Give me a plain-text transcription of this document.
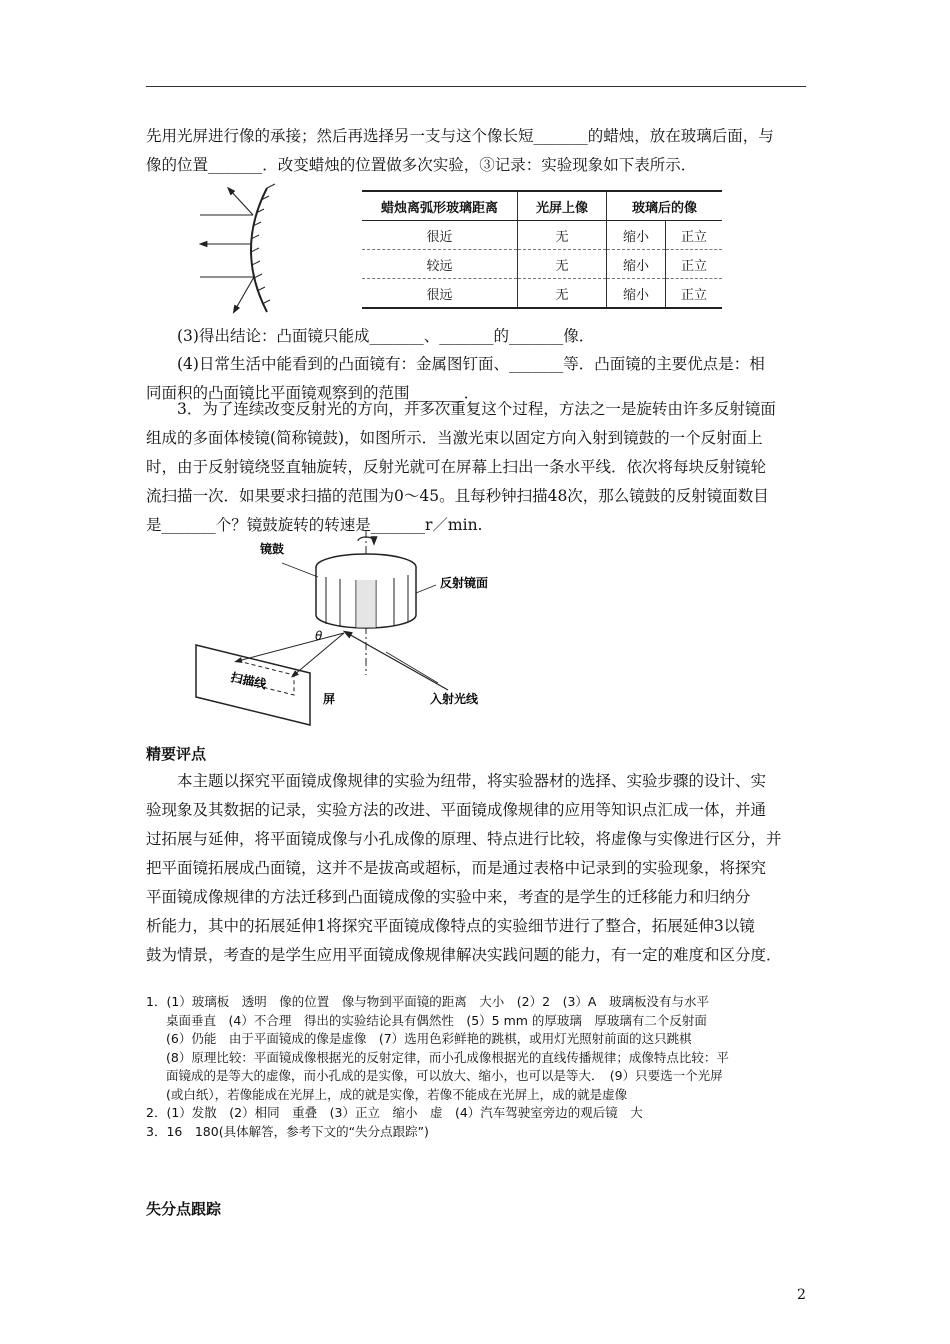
先用光屏进行像的承接；然后再选择另一支与这个像长短_______的蜡烛，放在玻璃后面，与
像的位置_______．改变蜡烛的位置做多次实验，③记录：实验现象如下表所示．
蜡烛离弧形玻璃距离	光屏上像	玻璃后的像	
很近	无	缩小	正立
较远	无	缩小	正立
很远	无	缩小	正立
(3)得出结论：凸面镜只能成_______、_______的_______像．
(4)日常生活中能看到的凸面镜有：金属图钉面、_______等．凸面镜的主要优点是：相
同面积的凸面镜比平面镜观察到的范围_______．
3．为了连续改变反射光的方向，并多次重复这个过程，方法之一是旋转由许多反射镜面
组成的多面体棱镜(简称镜鼓)，如图所示．当激光束以固定方向入射到镜鼓的一个反射面上
时，由于反射镜绕竖直轴旋转，反射光就可在屏幕上扫出一条水平线．依次将每块反射镜轮
流扫描一次．如果要求扫描的范围为0～45。且每秒钟扫描48次，那么镜鼓的反射镜面数目
是_______个？镜鼓旋转的转速是_______r／min.
镜鼓
反射镜面
θ
扫描线
屏	入射光线
精要评点
本主题以探究平面镜成像规律的实验为纽带，将实验器材的选择、实验步骤的设计、实
验现象及其数据的记录，实验方法的改进、平面镜成像规律的应用等知识点汇成一体，并通
过拓展与延伸，将平面镜成像与小孔成像的原理、特点进行比较，将虚像与实像进行区分，并
把平面镜拓展成凸面镜，这并不是拔高或超标，而是通过表格中记录到的实验现象，将探究
平面镜成像规律的方法迁移到凸面镜成像的实验中来，考查的是学生的迁移能力和归纳分
析能力，其中的拓展延伸1将探究平面镜成像特点的实验细节进行了整合，拓展延伸3以镜
鼓为情景，考查的是学生应用平面镜成像规律解决实践问题的能力，有一定的难度和区分度．
1．(1）玻璃板　透明　像的位置　像与物到平面镜的距离　大小　(2）2　(3）A　玻璃板没有与水平
桌面垂直　(4）不合理　得出的实验结论具有偶然性　(5）5 mm 的厚玻璃　厚玻璃有二个反射面
(6）仍能　由于平面镜成的像是虚像　(7）选用色彩鲜艳的跳棋，或用灯光照射前面的这只跳棋
(8）原理比较：平面镜成像根据光的反射定律，而小孔成像根据光的直线传播规律；成像特点比较：平
面镜成的是等大的虚像，而小孔成的是实像，可以放大、缩小，也可以是等大．　(9）只要选一个光屏
(或白纸），若像能成在光屏上，成的就是实像，若像不能成在光屏上，成的就是虚像
2．(1）发散　(2）相同　重叠　(3）正立　缩小　虚　(4）汽车驾驶室旁边的观后镜　大
3．16　180(具体解答，参考下文的“失分点跟踪”)
失分点跟踪
2
